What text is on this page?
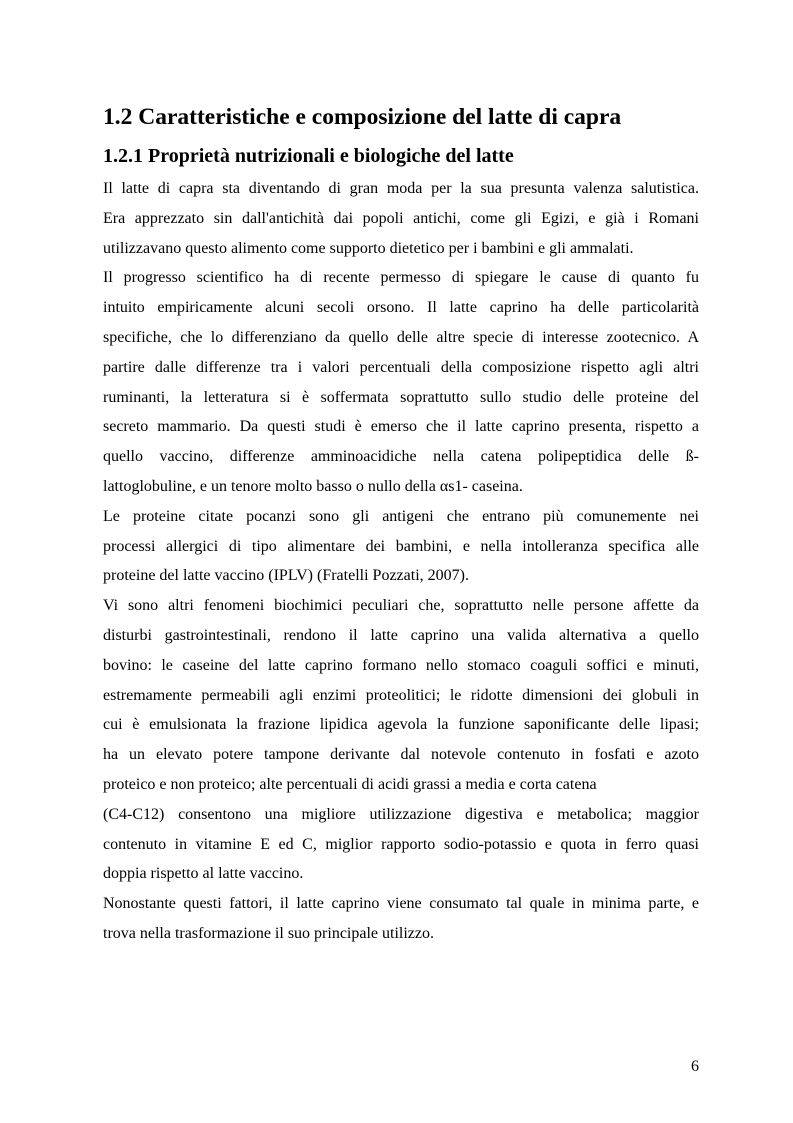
1.2 Caratteristiche e composizione del latte di capra
1.2.1 Proprietà nutrizionali e biologiche del latte

Il latte di capra sta diventando di gran moda per la sua presunta valenza salutistica.
Era apprezzato sin dall'antichità dai popoli antichi, come gli Egizi, e già i Romani
utilizzavano questo alimento come supporto dietetico per i bambini e gli ammalati.

Il progresso scientifico ha di recente permesso di spiegare le cause di quanto fu
intuito empiricamente alcuni secoli orsono. Il latte caprino ha delle particolarità
specifiche, che lo differenziano da quello delle altre specie di interesse zootecnico. A
partire dalle differenze tra i valori percentuali della composizione rispetto agli altri
ruminanti, la letteratura si è soffermata soprattutto sullo studio delle proteine del
secreto mammario. Da questi studi è emerso che il latte caprino presenta, rispetto a
quello vaccino, differenze amminoacidiche nella catena polipeptidica delle ß-
lattoglobuline, e un tenore molto basso o nullo della αs1- caseina.

Le proteine citate pocanzi sono gli antigeni che entrano più comunemente nei
processi allergici di tipo alimentare dei bambini, e nella intolleranza specifica alle
proteine del latte vaccino (IPLV) (Fratelli Pozzati, 2007).

Vi sono altri fenomeni biochimici peculiari che, soprattutto nelle persone affette da
disturbi gastrointestinali, rendono il latte caprino una valida alternativa a quello
bovino: le caseine del latte caprino formano nello stomaco coaguli soffici e minuti,
estremamente permeabili agli enzimi proteolitici; le ridotte dimensioni dei globuli in
cui è emulsionata la frazione lipidica agevola la funzione saponificante delle lipasi;
ha un elevato potere tampone derivante dal notevole contenuto in fosfati e azoto
proteico e non proteico; alte percentuali di acidi grassi a media e corta catena

(C4-C12) consentono una migliore utilizzazione digestiva e metabolica; maggior
contenuto in vitamine E ed C, miglior rapporto sodio-potassio e quota in ferro quasi
doppia rispetto al latte vaccino.

Nonostante questi fattori, il latte caprino viene consumato tal quale in minima parte, e
trova nella trasformazione il suo principale utilizzo.

6
